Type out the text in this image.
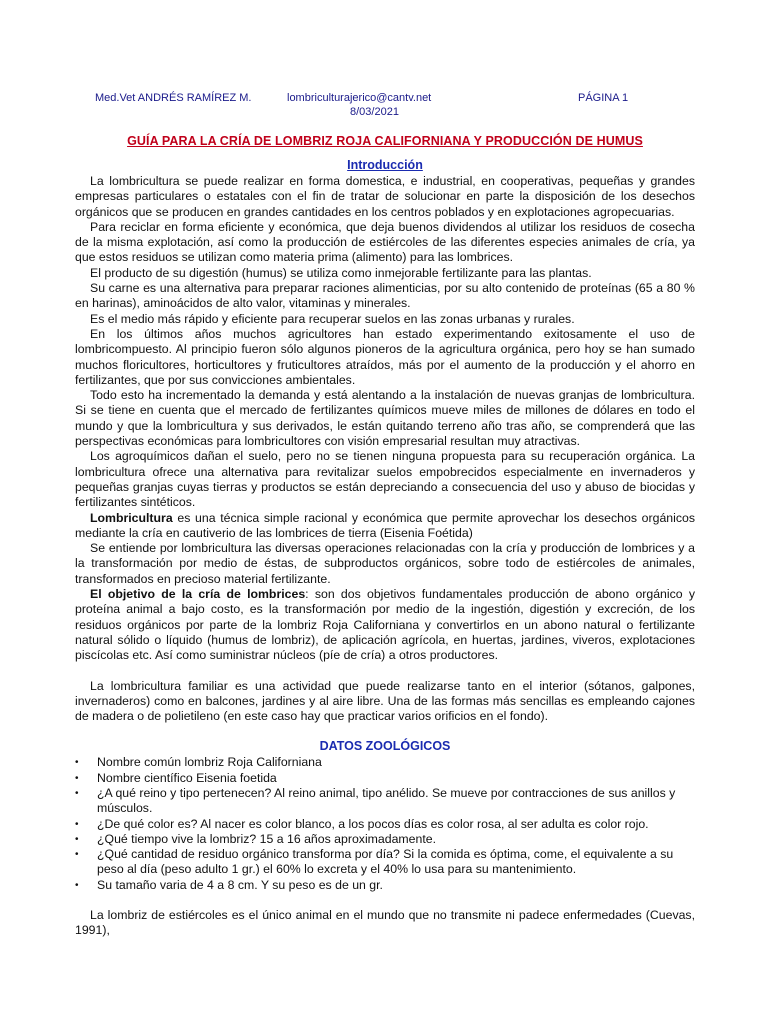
Med.Vet ANDRÉS RAMÍREZ M.	lombriculturajerico@cantv.net	PÁGINA 1
8/03/2021
GUÍA PARA LA CRÍA DE LOMBRIZ ROJA CALIFORNIANA Y PRODUCCIÓN DE HUMUS
Introducción

La lombricultura se puede realizar en forma domestica, e industrial, en cooperativas, pequeñas y grandes empresas particulares o estatales con el fin de tratar de solucionar en parte la disposición de los desechos orgánicos que se producen en grandes cantidades en los centros poblados y en explotaciones agropecuarias.

Para reciclar en forma eficiente y económica, que deja buenos dividendos al utilizar los residuos de cosecha de la misma explotación, así como la producción de estiércoles de las diferentes especies animales de cría, ya que estos residuos se utilizan como materia prima (alimento) para las lombrices.

El producto de su digestión (humus) se utiliza como inmejorable fertilizante para las plantas.

Su carne es una alternativa para preparar raciones alimenticias, por su alto contenido de proteínas (65 a 80 % en harinas), aminoácidos de alto valor, vitaminas y minerales.

Es el medio más rápido y eficiente para recuperar suelos en las zonas urbanas y rurales.

En los últimos años muchos agricultores han estado experimentando exitosamente el uso de lombricompuesto. Al principio fueron sólo algunos pioneros de la agricultura orgánica, pero hoy se han sumado muchos floricultores, horticultores y fruticultores atraídos, más por el aumento de la producción y el ahorro en fertilizantes, que por sus convicciones ambientales.

Todo esto ha incrementado la demanda y está alentando a la instalación de nuevas granjas de lombricultura. Si se tiene en cuenta que el mercado de fertilizantes químicos mueve miles de millones de dólares en todo el mundo y que la lombricultura y sus derivados, le están quitando terreno año tras año, se comprenderá que las perspectivas económicas para lombricultores con visión empresarial resultan muy atractivas.

Los agroquímicos dañan el suelo, pero no se tienen ninguna propuesta para su recuperación orgánica. La lombricultura ofrece una alternativa para revitalizar suelos empobrecidos especialmente en invernaderos y pequeñas granjas cuyas tierras y productos se están depreciando a consecuencia del uso y abuso de biocidas y fertilizantes sintéticos.

Lombricultura es una técnica simple racional y económica que permite aprovechar los desechos orgánicos mediante la cría en cautiverio de las lombrices de tierra (Eisenia Foétida)

Se entiende por lombricultura las diversas operaciones relacionadas con la cría y producción de lombrices y a la transformación por medio de éstas, de subproductos orgánicos, sobre todo de estiércoles de animales, transformados en precioso material fertilizante.

El objetivo de la cría de lombrices: son dos objetivos fundamentales producción de abono orgánico y proteína animal a bajo costo, es la transformación por medio de la ingestión, digestión y excreción, de los residuos orgánicos por parte de la lombriz Roja Californiana y convertirlos en un abono natural o fertilizante natural sólido o líquido (humus de lombriz), de aplicación agrícola, en huertas, jardines, viveros, explotaciones piscícolas etc. Así como suministrar núcleos (píe de cría) a otros productores.

La lombricultura familiar es una actividad que puede realizarse tanto en el interior (sótanos, galpones, invernaderos) como en balcones, jardines y al aire libre. Una de las formas más sencillas es empleando cajones de madera o de polietileno (en este caso hay que practicar varios orificios en el fondo).

DATOS ZOOLÓGICOS
• Nombre común lombriz Roja Californiana
• Nombre científico Eisenia foetida
• ¿A qué reino y tipo pertenecen? Al reino animal, tipo anélido. Se mueve por contracciones de sus anillos y músculos.
• ¿De qué color es? Al nacer es color blanco, a los pocos días es color rosa, al ser adulta es color rojo.
• ¿Qué tiempo vive la lombriz? 15 a 16 años aproximadamente.
• ¿Qué cantidad de residuo orgánico transforma por día? Si la comida es óptima, come, el equivalente a su peso al día (peso adulto 1 gr.) el 60% lo excreta y el 40% lo usa para su mantenimiento.
• Su tamaño varia de 4 a 8 cm. Y su peso es de un gr.

La lombriz de estiércoles es el único animal en el mundo que no transmite ni padece enfermedades (Cuevas, 1991),
